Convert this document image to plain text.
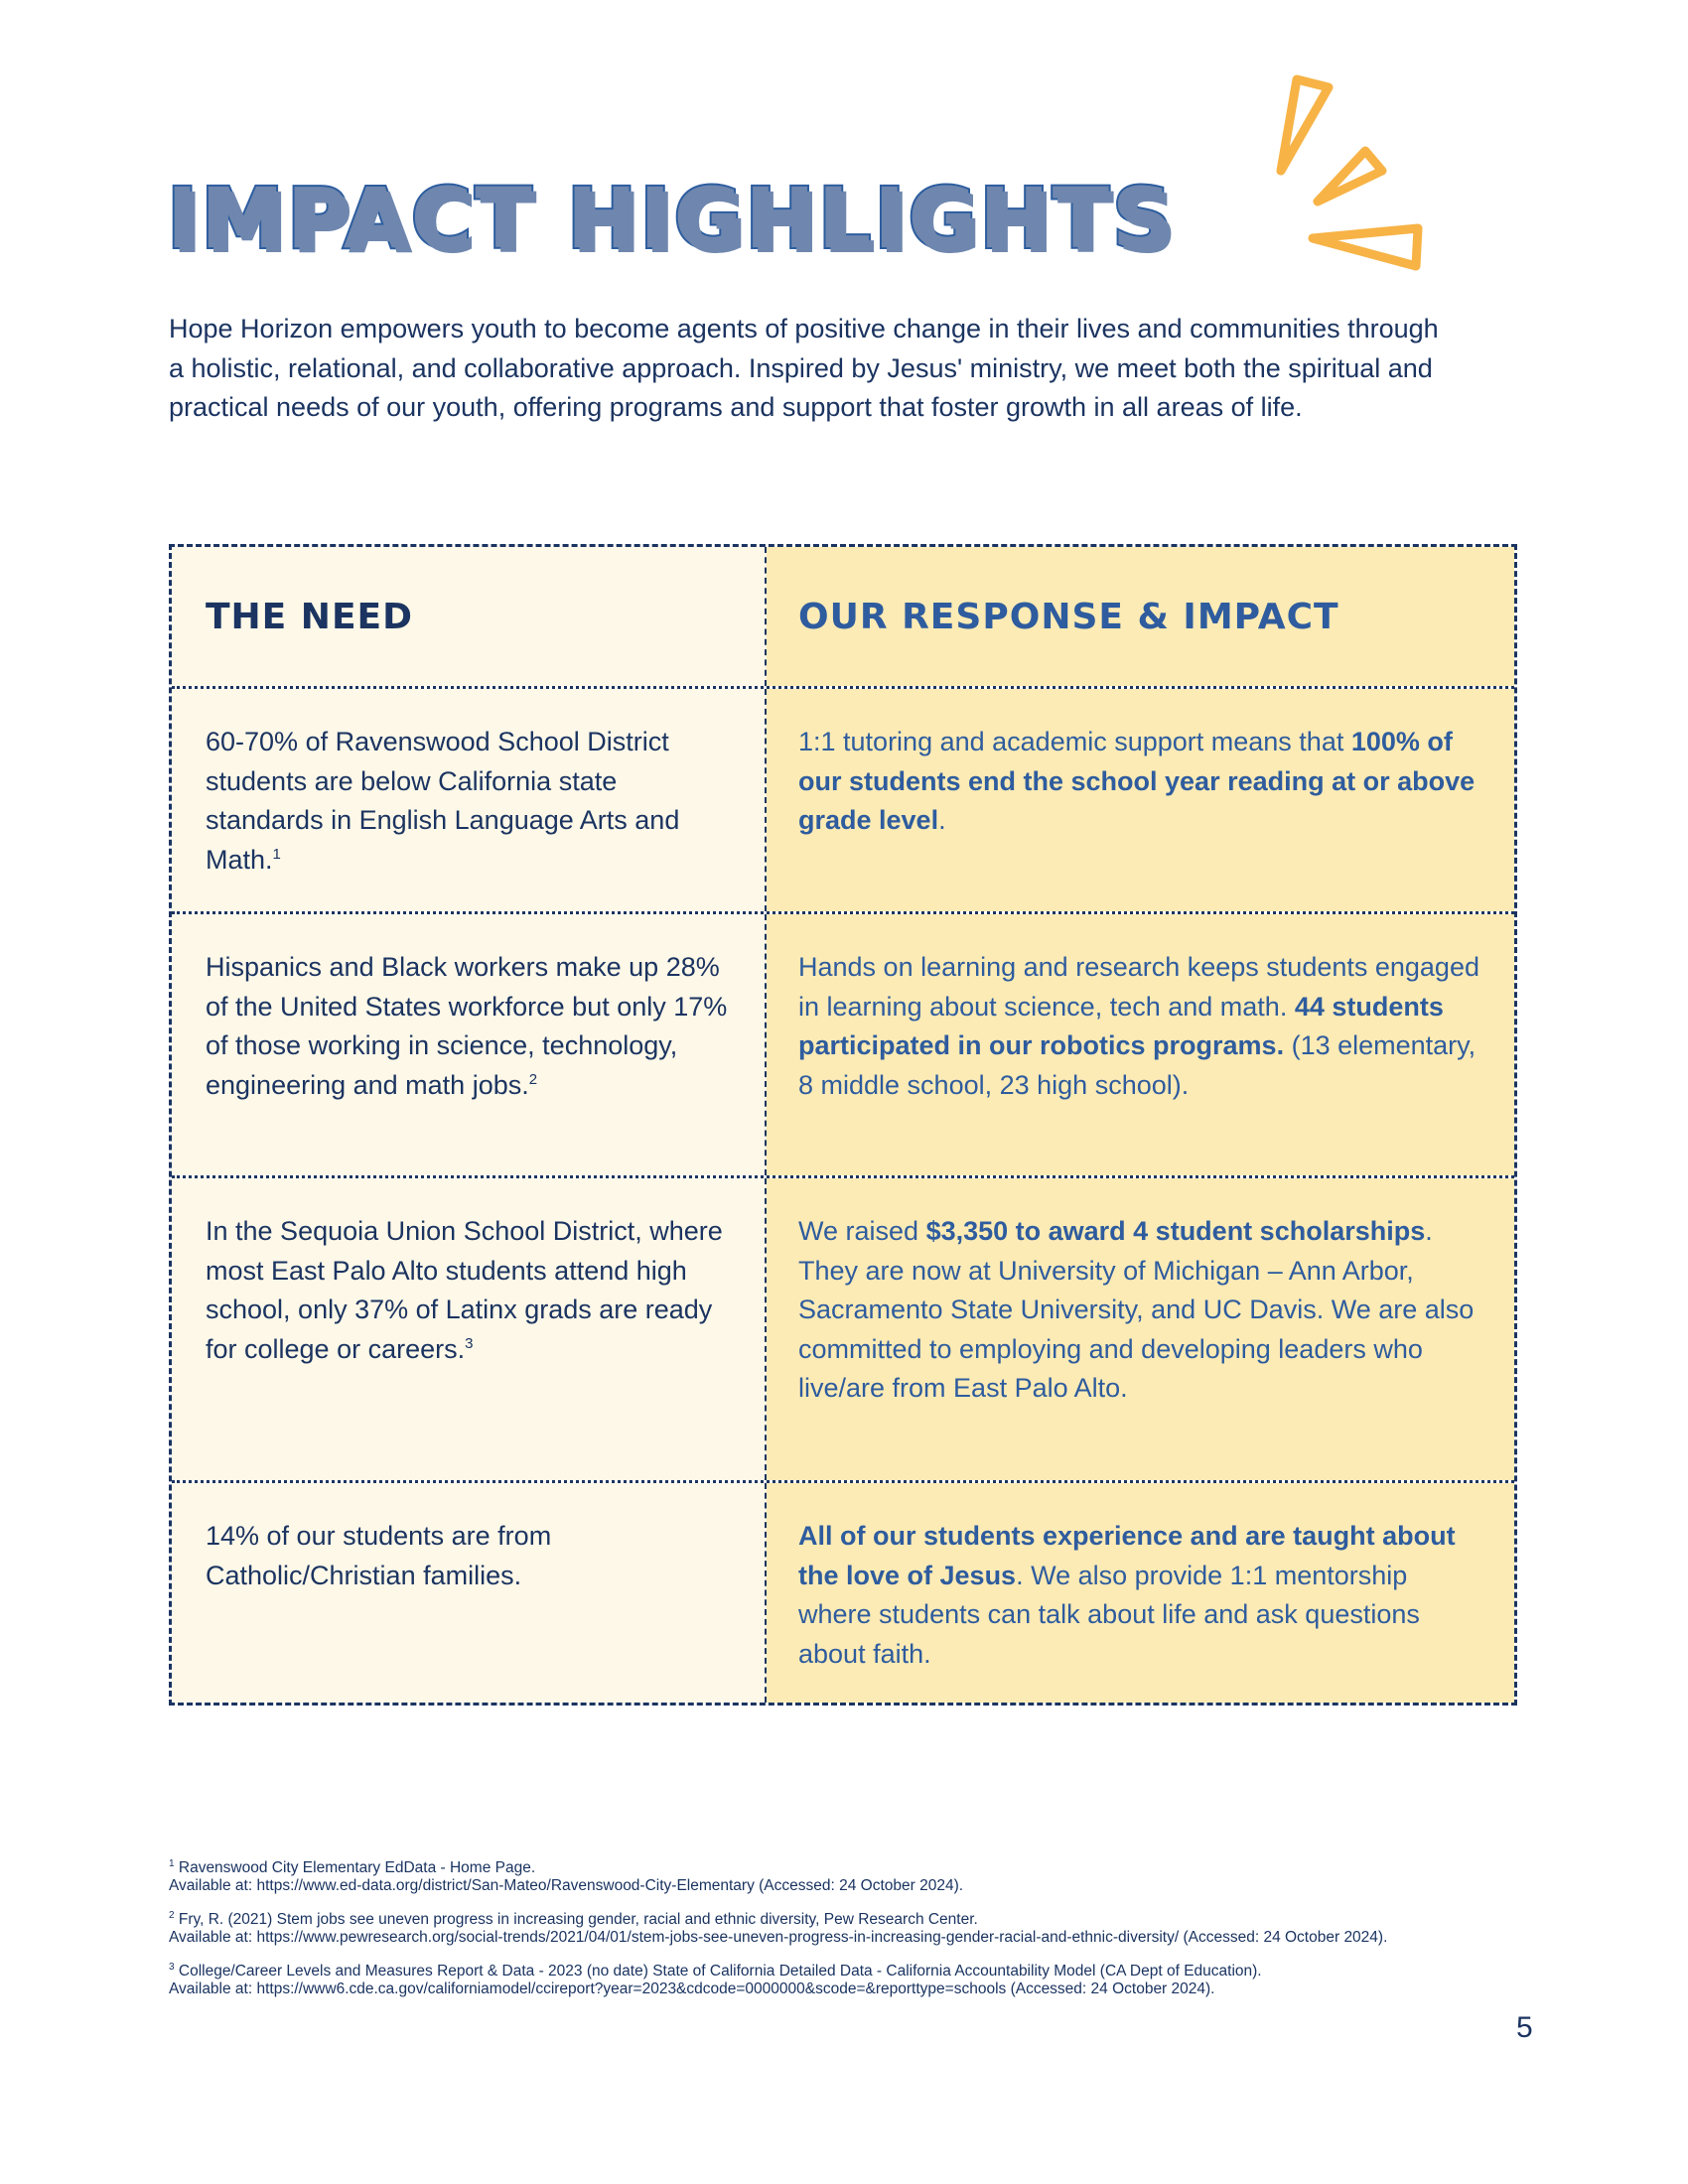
IMPACT HIGHLIGHTS

Hope Horizon empowers youth to become agents of positive change in their lives and communities through a holistic, relational, and collaborative approach. Inspired by Jesus' ministry, we meet both the spiritual and practical needs of our youth, offering programs and support that foster growth in all areas of life.

THE NEED	OUR RESPONSE & IMPACT

60-70% of Ravenswood School District students are below California state standards in English Language Arts and Math.$^1$

1:1 tutoring and academic support means that 100% of our students end the school year reading at or above grade level.

Hispanics and Black workers make up 28% of the United States workforce but only 17% of those working in science, technology, engineering and math jobs.$^2$

Hands on learning and research keeps students engaged in learning about science, tech and math. 44 students participated in our robotics programs. (13 elementary, 8 middle school, 23 high school).

In the Sequoia Union School District, where most East Palo Alto students attend high school, only 37% of Latinx grads are ready for college or careers.$^3$

We raised $3,350 to award 4 student scholarships. They are now at University of Michigan – Ann Arbor, Sacramento State University, and UC Davis. We are also committed to employing and developing leaders who live/are from East Palo Alto.

14% of our students are from Catholic/Christian families.

All of our students experience and are taught about the love of Jesus. We also provide 1:1 mentorship where students can talk about life and ask questions about faith.

$^1$ Ravenswood City Elementary EdData - Home Page.
Available at: https://www.ed-data.org/district/San-Mateo/Ravenswood-City-Elementary (Accessed: 24 October 2024).

$^2$ Fry, R. (2021) Stem jobs see uneven progress in increasing gender, racial and ethnic diversity, Pew Research Center.
Available at: https://www.pewresearch.org/social-trends/2021/04/01/stem-jobs-see-uneven-progress-in-increasing-gender-racial-and-ethnic-diversity/ (Accessed: 24 October 2024).

$^3$ College/Career Levels and Measures Report & Data - 2023 (no date) State of California Detailed Data - California Accountability Model (CA Dept of Education).
Available at: https://www6.cde.ca.gov/californiamodel/ccireport?year=2023&cdcode=0000000&scode=&reporttype=schools (Accessed: 24 October 2024).

5
